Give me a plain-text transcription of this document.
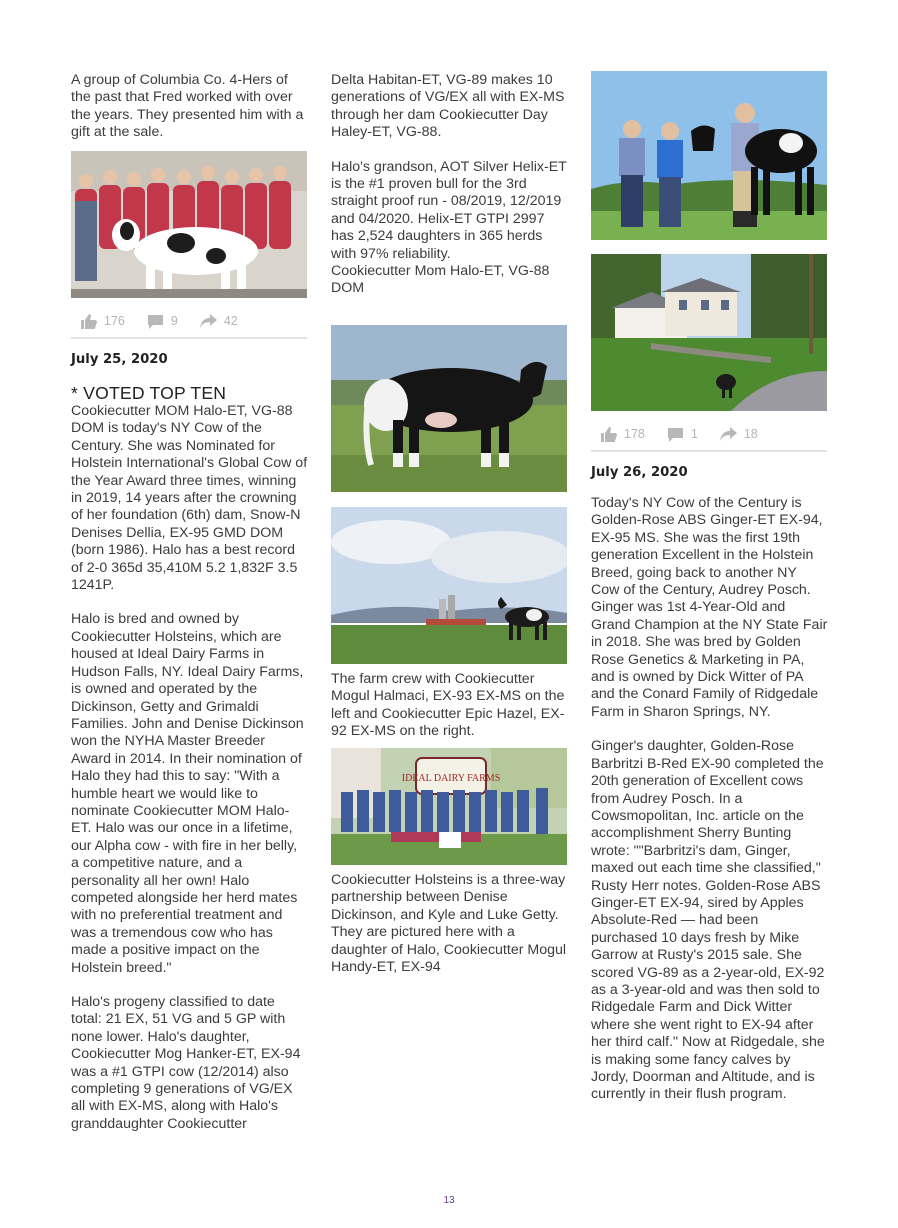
A group of Columbia Co. 4-Hers of the past that Fred worked with over the years. They presented him with a gift at the sale.
176	9	42
July 25, 2020
* VOTED TOP TEN
Cookiecutter MOM Halo-ET, VG-88 DOM is today's NY Cow of the Century. She was Nominated for Holstein International's Global Cow of the Year Award three times, winning in 2019, 14 years after the crowning of her foundation (6th) dam, Snow-N Denises Dellia, EX-95 GMD DOM (born 1986). Halo has a best record of 2-0 365d 35,410M 5.2 1,832F 3.5 1241P.
Halo is bred and owned by Cookiecutter Holsteins, which are housed at Ideal Dairy Farms in Hudson Falls, NY. Ideal Dairy Farms, is owned and operated by the Dickinson, Getty and Grimaldi Families. John and Denise Dickinson won the NYHA Master Breeder Award in 2014. In their nomination of Halo they had this to say: "With a humble heart we would like to nominate Cookiecutter MOM Halo-ET. Halo was our once in a lifetime, our Alpha cow - with fire in her belly, a competitive nature, and a personality all her own! Halo competed alongside her herd mates with no preferential treatment and was a tremendous cow who has made a positive impact on the Holstein breed."
Halo's progeny classified to date total: 21 EX, 51 VG and 5 GP with none lower. Halo's daughter, Cookiecutter Mog Hanker-ET, EX-94 was a #1 GTPI cow (12/2014) also completing 9 generations of VG/EX all with EX-MS, along with Halo's granddaughter Cookiecutter
Delta Habitan-ET, VG-89 makes 10 generations of VG/EX all with EX-MS through her dam Cookiecutter Day Haley-ET, VG-88.
Halo's grandson, AOT Silver Helix-ET is the #1 proven bull for the 3rd straight proof run - 08/2019, 12/2019 and 04/2020. Helix-ET GTPI 2997 has 2,524 daughters in 365 herds with 97% reliability.
Cookiecutter Mom Halo-ET, VG-88 DOM
The farm crew with Cookiecutter Mogul Halmaci, EX-93 EX-MS on the left and Cookiecutter Epic Hazel, EX-92 EX-MS on the right.
IDEAL DAIRY FARMS
Cookiecutter Holsteins is a three-way partnership between Denise Dickinson, and Kyle and Luke Getty. They are pictured here with a daughter of Halo, Cookiecutter Mogul Handy-ET, EX-94
178	1	18
July 26, 2020
Today's NY Cow of the Century is Golden-Rose ABS Ginger-ET EX-94, EX-95 MS. She was the first 19th generation Excellent in the Holstein Breed, going back to another NY Cow of the Century, Audrey Posch. Ginger was 1st 4-Year-Old and Grand Champion at the NY State Fair in 2018. She was bred by Golden Rose Genetics & Marketing in PA, and is owned by Dick Witter of PA and the Conard Family of Ridgedale Farm in Sharon Springs, NY.
Ginger's daughter, Golden-Rose Barbritzi B-Red EX-90 completed the 20th generation of Excellent cows from Audrey Posch. In a Cowsmopolitan, Inc. article on the accomplishment Sherry Bunting wrote: ""Barbritzi's dam, Ginger, maxed out each time she classified," Rusty Herr notes. Golden-Rose ABS Ginger-ET EX-94, sired by Apples Absolute-Red — had been purchased 10 days fresh by Mike Garrow at Rusty's 2015 sale. She scored VG-89 as a 2-year-old, EX-92 as a 3-year-old and was then sold to Ridgedale Farm and Dick Witter where she went right to EX-94 after her third calf." Now at Ridgedale, she is making some fancy calves by Jordy, Doorman and Altitude, and is currently in their flush program.
13
